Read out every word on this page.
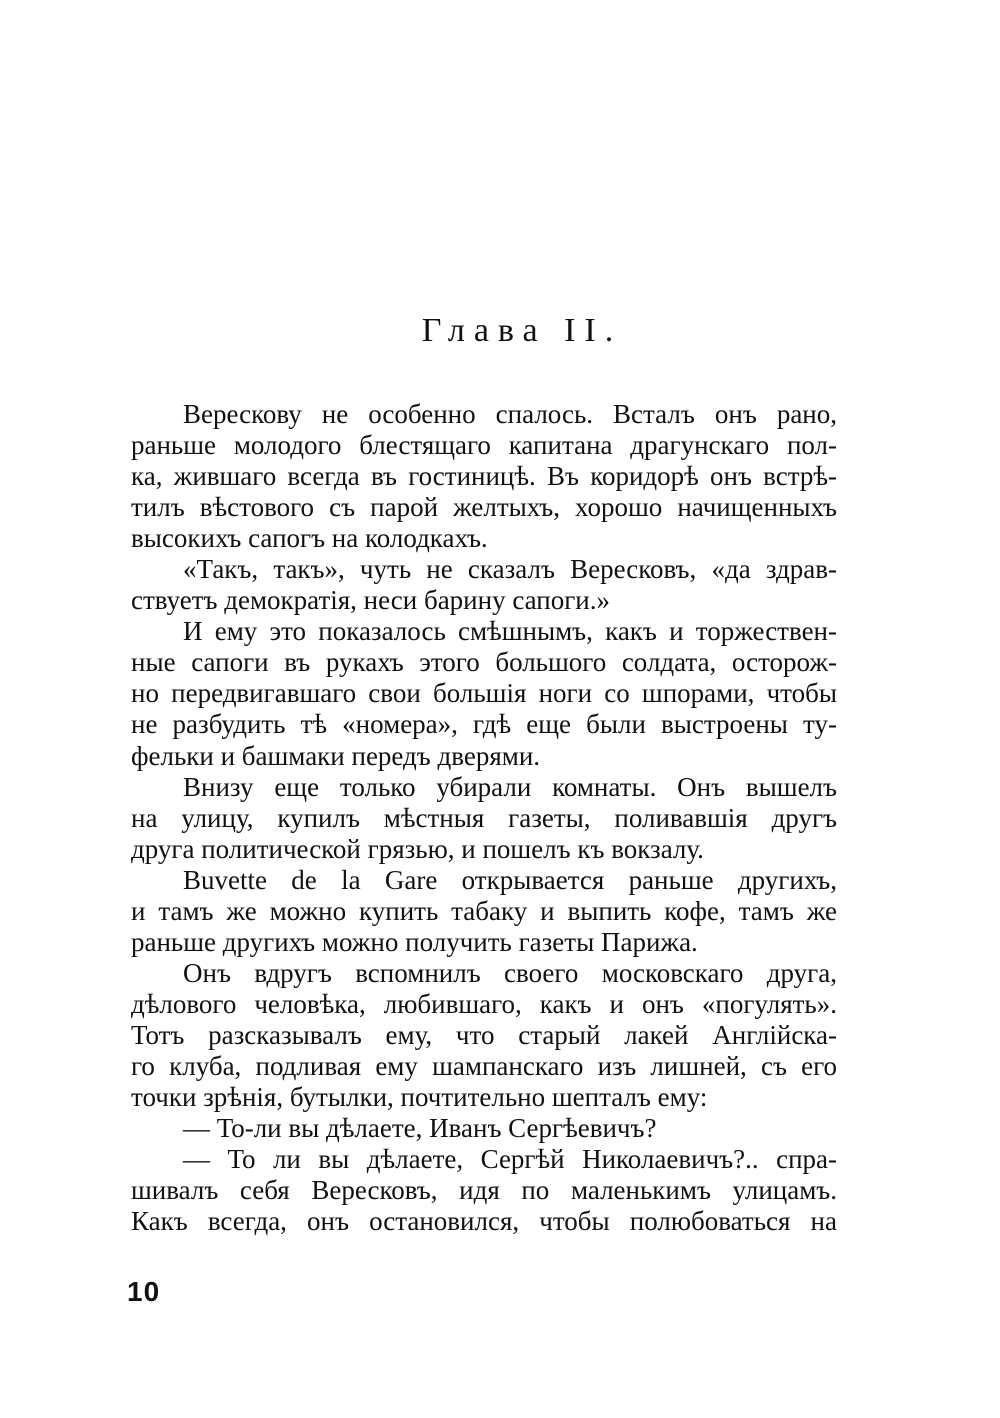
Глава II.
Верескову не особенно спалось. Всталъ онъ рано,
раньше молодого блестящаго капитана драгунскаго пол-
ка, жившаго всегда въ гостиницѣ. Въ коридорѣ онъ встрѣ-
тилъ вѣстового съ парой желтыхъ, хорошо начищенныхъ
высокихъ сапогъ на колодкахъ.
«Такъ, такъ», чуть не сказалъ Вересковъ, «да здрав-
ствуетъ демократія, неси барину сапоги.»
И ему это показалось смѣшнымъ, какъ и торжествен-
ные сапоги въ рукахъ этого большого солдата, осторож-
но передвигавшаго свои большія ноги со шпорами, чтобы
не разбудить тѣ «номера», гдѣ еще были выстроены ту-
фельки и башмаки передъ дверями.
Внизу еще только убирали комнаты. Онъ вышелъ
на улицу, купилъ мѣстныя газеты, поливавшія другъ
друга политической грязью, и пошелъ къ вокзалу.
Buvette de la Gare открывается раньше другихъ,
и тамъ же можно купить табаку и выпить кофе, тамъ же
раньше другихъ можно получить газеты Парижа.
Онъ вдругъ вспомнилъ своего московскаго друга,
дѣлового человѣка, любившаго, какъ и онъ «погулять».
Тотъ разсказывалъ ему, что старый лакей Англійска-
го клуба, подливая ему шампанскаго изъ лишней, съ его
точки зрѣнія, бутылки, почтительно шепталъ ему:
— То-ли вы дѣлаете, Иванъ Сергѣевичъ?
— То ли вы дѣлаете, Сергѣй Николаевичъ?.. спра-
шивалъ себя Вересковъ, идя по маленькимъ улицамъ.
Какъ всегда, онъ остановился, чтобы полюбоваться на
10
